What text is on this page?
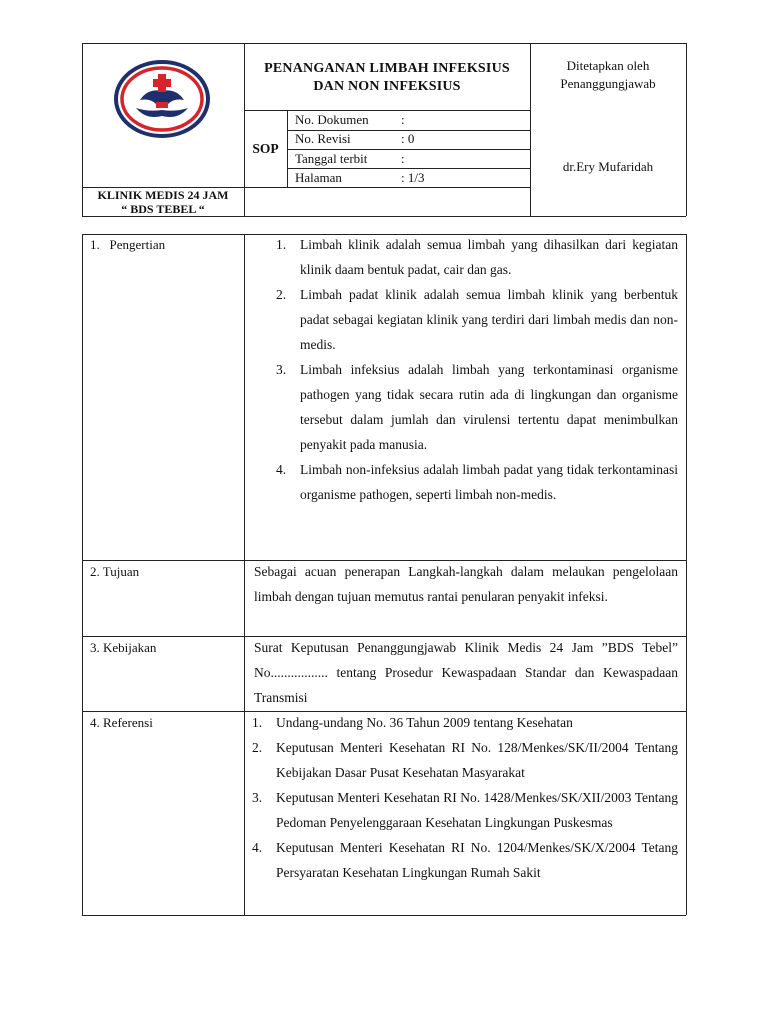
PENANGANAN LIMBAH INFEKSIUS
DAN NON INFEKSIUS
Ditetapkan oleh
Penanggungjawab
dr.Ery Mufaridah
SOP
No. Dokumen :
No. Revisi	: 0
Tanggal terbit	:
Halaman	: 1/3
KLINIK MEDIS 24 JAM
“ BDS TEBEL “
1.   Pengertian	1. Limbah klinik adalah semua limbah yang dihasilkan dari kegiatan klinik daam bentuk padat, cair dan gas.
2. Limbah padat klinik adalah semua limbah klinik yang berbentuk padat sebagai kegiatan klinik yang terdiri dari limbah medis dan non-medis.
3. Limbah infeksius adalah limbah yang terkontaminasi organisme pathogen yang tidak secara rutin ada di lingkungan dan organisme tersebut dalam jumlah dan virulensi tertentu dapat menimbulkan penyakit pada manusia.
4. Limbah non-infeksius adalah limbah padat yang tidak terkontaminasi organisme pathogen, seperti limbah non-medis.
2. Tujuan	Sebagai acuan penerapan Langkah-langkah dalam melaukan pengelolaan limbah dengan tujuan memutus rantai penularan penyakit infeksi.
3. Kebijakan	Surat Keputusan Penanggungjawab Klinik Medis 24 Jam ”BDS Tebel” No................. tentang Prosedur Kewaspadaan Standar dan Kewaspadaan Transmisi
4. Referensi	1. Undang-undang No. 36 Tahun 2009 tentang Kesehatan
2. Keputusan Menteri Kesehatan RI No. 128/Menkes/SK/II/2004 Tentang Kebijakan Dasar Pusat Kesehatan Masyarakat
3. Keputusan Menteri Kesehatan RI No. 1428/Menkes/SK/XII/2003 Tentang Pedoman Penyelenggaraan Kesehatan Lingkungan Puskesmas
4. Keputusan Menteri Kesehatan RI No. 1204/Menkes/SK/X/2004 Tetang Persyaratan Kesehatan Lingkungan Rumah Sakit
